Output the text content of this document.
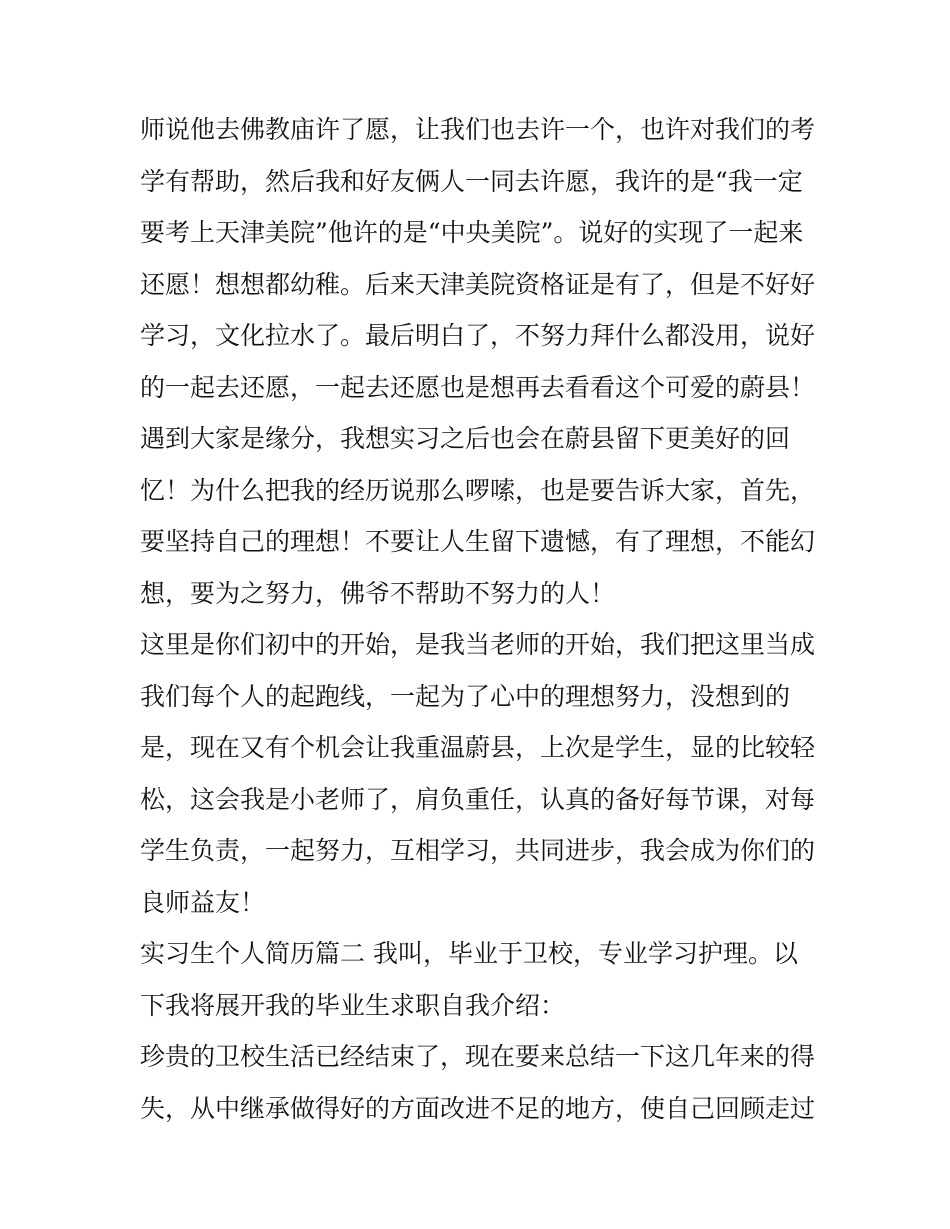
师说他去佛教庙许了愿，让我们也去许一个，也许对我们的考
学有帮助，然后我和好友俩人一同去许愿，我许的是“我一定
要考上天津美院”他许的是“中央美院”。说好的实现了一起来
还愿！想想都幼稚。后来天津美院资格证是有了，但是不好好
学习，文化拉水了。最后明白了，不努力拜什么都没用，说好
的一起去还愿，一起去还愿也是想再去看看这个可爱的蔚县！
遇到大家是缘分，我想实习之后也会在蔚县留下更美好的回
忆！为什么把我的经历说那么啰嗦，也是要告诉大家，首先，
要坚持自己的理想！不要让人生留下遗憾，有了理想，不能幻
想，要为之努力，佛爷不帮助不努力的人！
这里是你们初中的开始，是我当老师的开始，我们把这里当成
我们每个人的起跑线，一起为了心中的理想努力，没想到的
是，现在又有个机会让我重温蔚县，上次是学生，显的比较轻
松，这会我是小老师了，肩负重任，认真的备好每节课，对每
学生负责，一起努力，互相学习，共同进步，我会成为你们的
良师益友！
实习生个人简历篇二 我叫，毕业于卫校，专业学习护理。以
下我将展开我的毕业生求职自我介绍：
珍贵的卫校生活已经结束了，现在要来总结一下这几年来的得
失，从中继承做得好的方面改进不足的地方，使自己回顾走过
